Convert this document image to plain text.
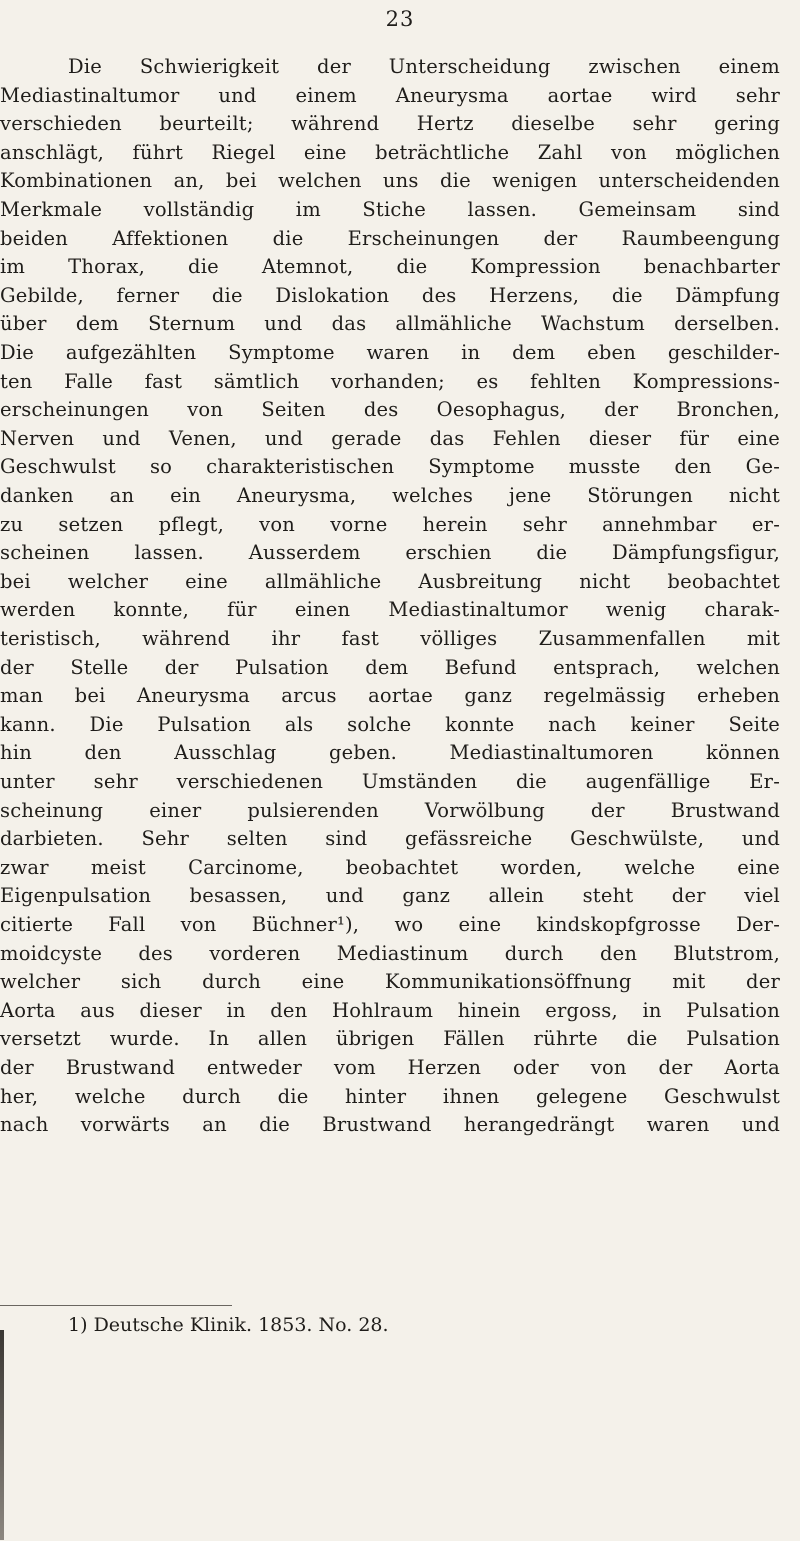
23
Die Schwierigkeit der Unterscheidung zwischen einem
Mediastinaltumor und einem Aneurysma aortae wird sehr
verschieden beurteilt; während Hertz dieselbe sehr gering
anschlägt, führt Riegel eine beträchtliche Zahl von möglichen
Kombinationen an, bei welchen uns die wenigen unterscheidenden
Merkmale vollständig im Stiche lassen. Gemeinsam sind
beiden Affektionen die Erscheinungen der Raumbeengung
im Thorax, die Atemnot, die Kompression benachbarter
Gebilde, ferner die Dislokation des Herzens, die Dämpfung
über dem Sternum und das allmähliche Wachstum derselben.
Die aufgezählten Symptome waren in dem eben geschilder-
ten Falle fast sämtlich vorhanden; es fehlten Kompressions-
erscheinungen von Seiten des Oesophagus, der Bronchen,
Nerven und Venen, und gerade das Fehlen dieser für eine
Geschwulst so charakteristischen Symptome musste den Ge-
danken an ein Aneurysma, welches jene Störungen nicht
zu setzen pflegt, von vorne herein sehr annehmbar er-
scheinen lassen. Ausserdem erschien die Dämpfungsfigur,
bei welcher eine allmähliche Ausbreitung nicht beobachtet
werden konnte, für einen Mediastinaltumor wenig charak-
teristisch, während ihr fast völliges Zusammenfallen mit
der Stelle der Pulsation dem Befund entsprach, welchen
man bei Aneurysma arcus aortae ganz regelmässig erheben
kann. Die Pulsation als solche konnte nach keiner Seite
hin den Ausschlag geben. Mediastinaltumoren können
unter sehr verschiedenen Umständen die augenfällige Er-
scheinung einer pulsierenden Vorwölbung der Brustwand
darbieten. Sehr selten sind gefässreiche Geschwülste, und
zwar meist Carcinome, beobachtet worden, welche eine
Eigenpulsation besassen, und ganz allein steht der viel
citierte Fall von Büchner¹), wo eine kindskopfgrosse Der-
moidcyste des vorderen Mediastinum durch den Blutstrom,
welcher sich durch eine Kommunikationsöffnung mit der
Aorta aus dieser in den Hohlraum hinein ergoss, in Pulsation
versetzt wurde. In allen übrigen Fällen rührte die Pulsation
der Brustwand entweder vom Herzen oder von der Aorta
her, welche durch die hinter ihnen gelegene Geschwulst
nach vorwärts an die Brustwand herangedrängt waren und
1) Deutsche Klinik. 1853. No. 28.
